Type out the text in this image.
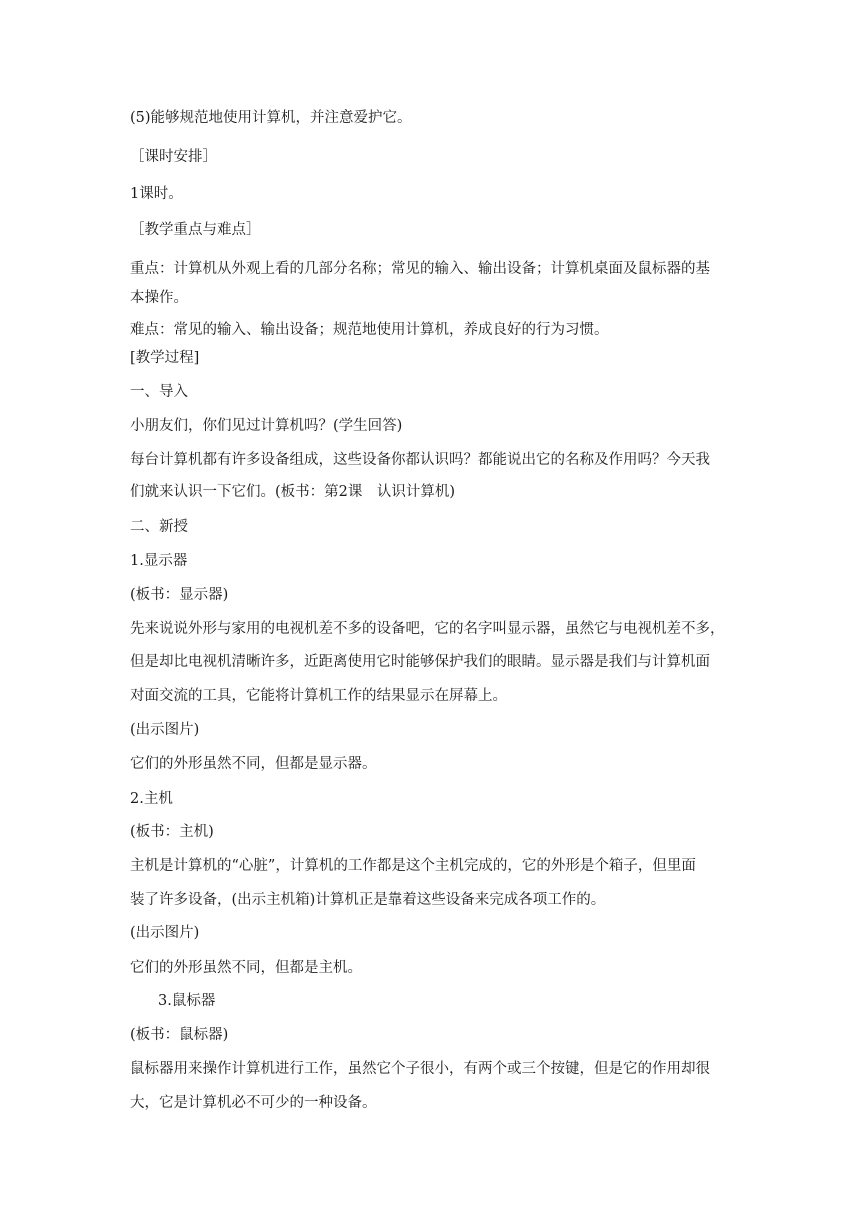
(5)能够规范地使用计算机，并注意爱护它。
［课时安排］
1课时。
［教学重点与难点］
重点：计算机从外观上看的几部分名称；常见的输入、输出设备；计算机桌面及鼠标器的基
本操作。
难点：常见的输入、输出设备；规范地使用计算机，养成良好的行为习惯。
[教学过程]
一、导入
小朋友们，你们见过计算机吗？(学生回答)
每台计算机都有许多设备组成，这些设备你都认识吗？都能说出它的名称及作用吗？今天我
们就来认识一下它们。(板书：第2课　认识计算机)
二、新授
1.显示器
(板书：显示器)
先来说说外形与家用的电视机差不多的设备吧，它的名字叫显示器，虽然它与电视机差不多，
但是却比电视机清晰许多，近距离使用它时能够保护我们的眼睛。显示器是我们与计算机面
对面交流的工具，它能将计算机工作的结果显示在屏幕上。
(出示图片)
它们的外形虽然不同，但都是显示器。
2.主机
(板书：主机)
主机是计算机的“心脏”，计算机的工作都是这个主机完成的，它的外形是个箱子，但里面
装了许多设备，(出示主机箱)计算机正是靠着这些设备来完成各项工作的。
(出示图片)
它们的外形虽然不同，但都是主机。
3.鼠标器
(板书：鼠标器)
鼠标器用来操作计算机进行工作，虽然它个子很小，有两个或三个按键，但是它的作用却很
大，它是计算机必不可少的一种设备。
